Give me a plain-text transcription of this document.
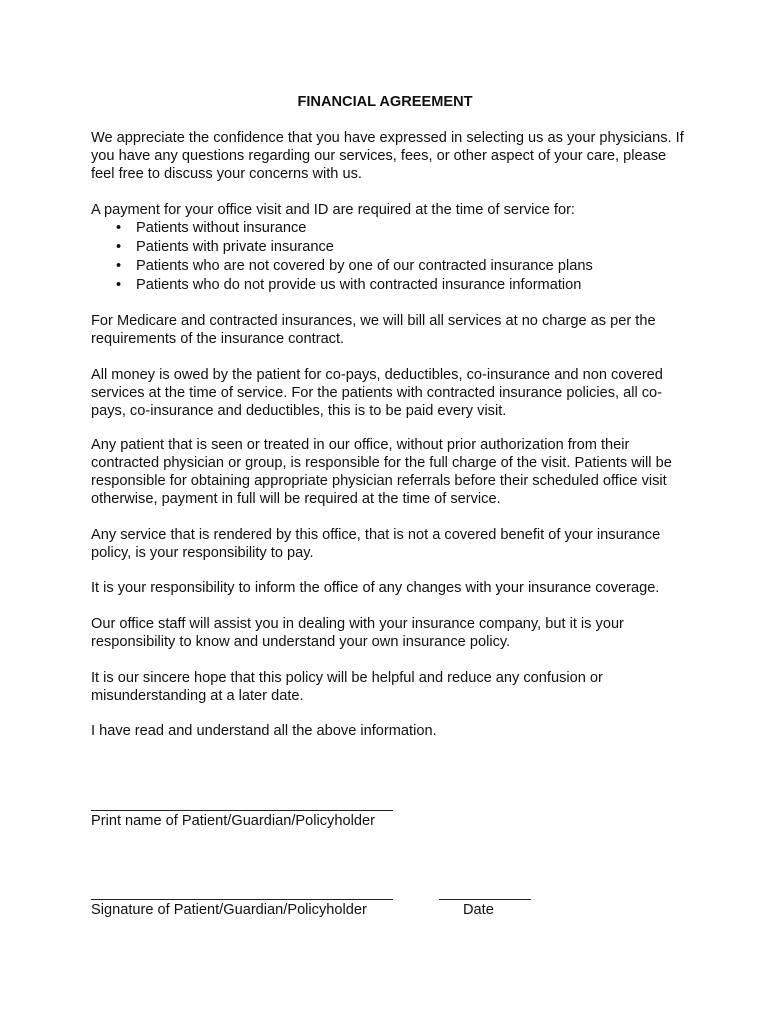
FINANCIAL AGREEMENT

We appreciate the confidence that you have expressed in selecting us as your physicians. If you have any questions regarding our services, fees, or other aspect of your care, please feel free to discuss your concerns with us.

A payment for your office visit and ID are required at the time of service for:

• Patients without insurance
• Patients with private insurance
• Patients who are not covered by one of our contracted insurance plans
• Patients who do not provide us with contracted insurance information

For Medicare and contracted insurances, we will bill all services at no charge as per the requirements of the insurance contract.

All money is owed by the patient for co-pays, deductibles, co-insurance and non covered services at the time of service. For the patients with contracted insurance policies, all co-pays, co-insurance and deductibles, this is to be paid every visit.

Any patient that is seen or treated in our office, without prior authorization from their contracted physician or group, is responsible for the full charge of the visit. Patients will be responsible for obtaining appropriate physician referrals before their scheduled office visit otherwise, payment in full will be required at the time of service.

Any service that is rendered by this office, that is not a covered benefit of your insurance policy, is your responsibility to pay.

It is your responsibility to inform the office of any changes with your insurance coverage.

Our office staff will assist you in dealing with your insurance company, but it is your responsibility to know and understand your own insurance policy.

It is our sincere hope that this policy will be helpful and reduce any confusion or misunderstanding at a later date.

I have read and understand all the above information.

Print name of Patient/Guardian/Policyholder

Signature of Patient/Guardian/Policyholder	Date
